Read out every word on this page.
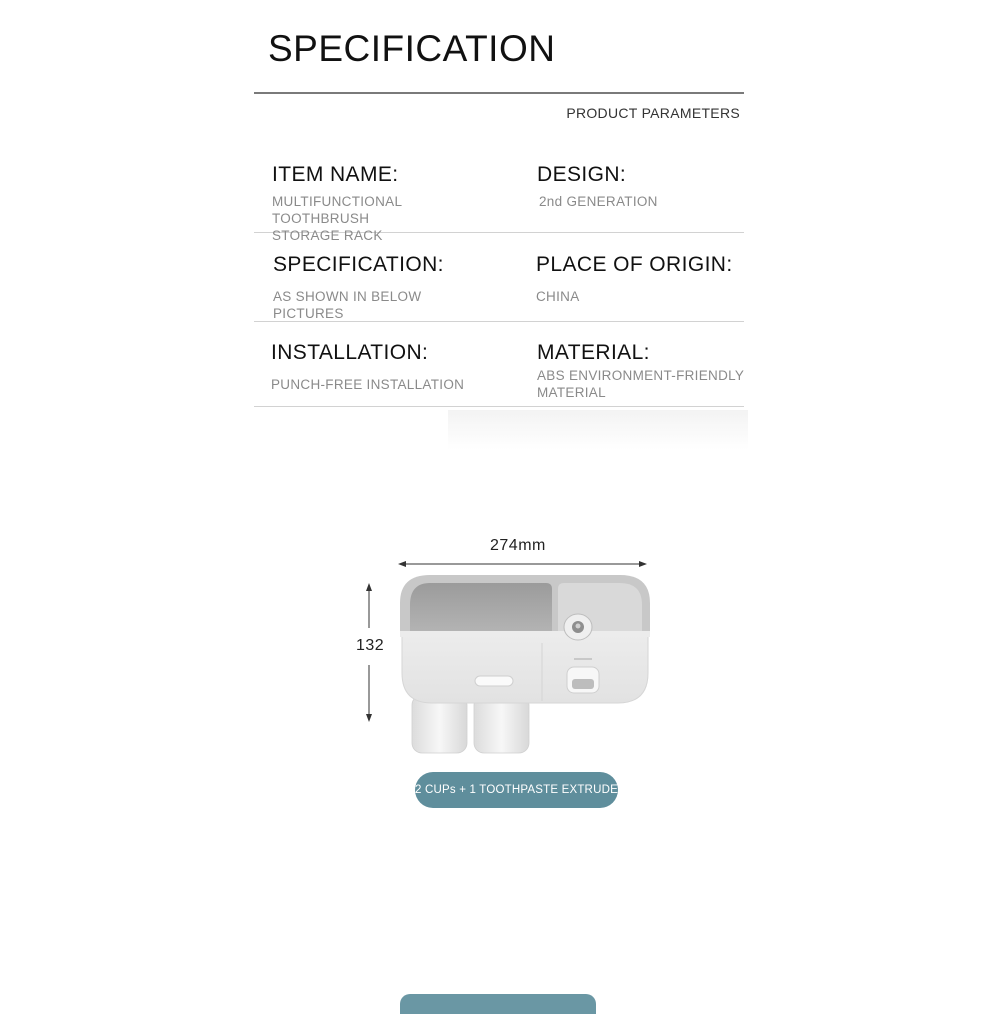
SPECIFICATION
PRODUCT PARAMETERS
ITEM NAME:
MULTIFUNCTIONAL TOOTHBRUSH
STORAGE RACK
DESIGN:
2nd GENERATION
SPECIFICATION:
AS SHOWN IN BELOW PICTURES
PLACE OF ORIGIN:
CHINA
INSTALLATION:
PUNCH-FREE INSTALLATION
MATERIAL:
ABS ENVIRONMENT-FRIENDLY
MATERIAL
274mm
132
2 CUPs + 1 TOOTHPASTE EXTRUDER
